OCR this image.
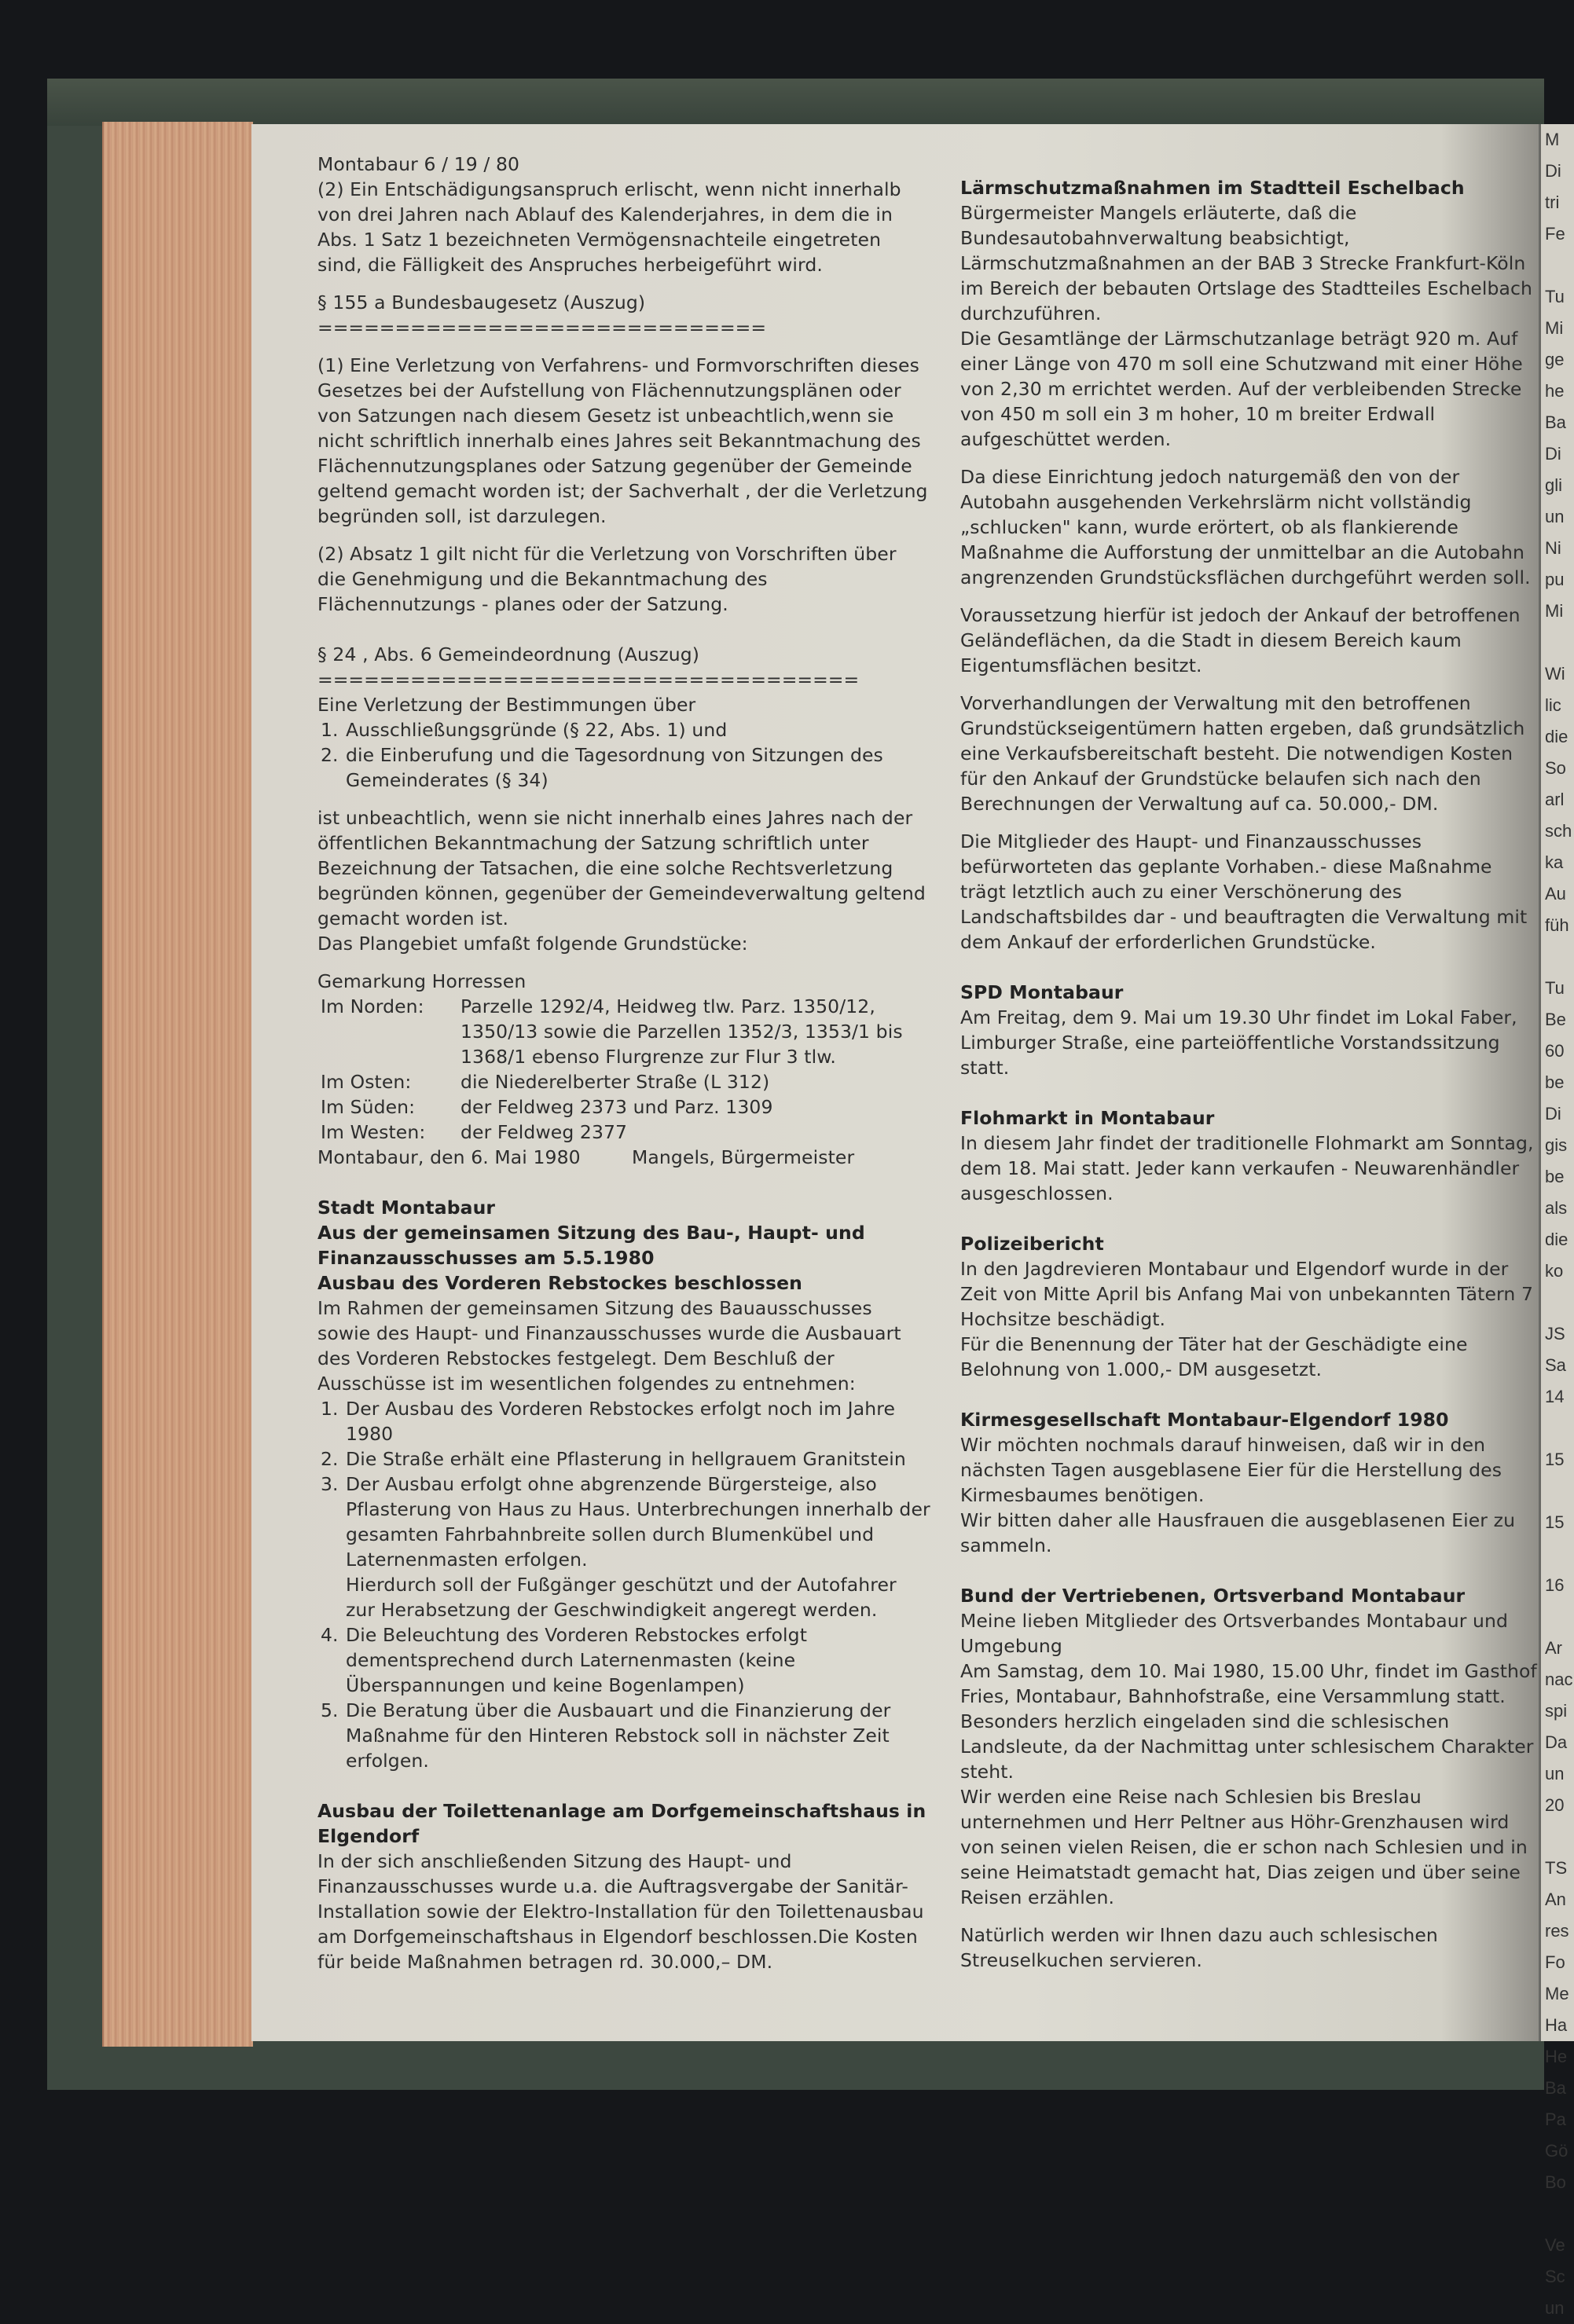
M
Di
tri
Fe

Tu
Mi
ge
he
Ba
Di
gli
un
Ni
pu
Mi

Wi
lic
die
So
arl
sch
ka
Au
füh

Tu
Be
60
be
Di
gis
be
als
die
ko

JS
Sa
14

15

15

16

Ar
nac
spi
Da
un
20

TS
An
res
Fo
Me
Ha
He
Ba
Pa
Gö
Bo

Ve
Sc
un

Montabaur 6 / 19 / 80

(2) Ein Entschädigungsanspruch erlischt, wenn nicht innerhalb von drei Jahren nach Ablauf des Kalenderjahres, in dem die in Abs. 1 Satz 1 bezeichneten Vermögensnachteile eingetreten sind, die Fälligkeit des Anspruches herbeigeführt wird.

§ 155 a Bundesbaugesetz (Auszug)

=============================

(1) Eine Verletzung von Verfahrens- und Formvorschriften dieses Gesetzes bei der Aufstellung von Flächennutzungsplänen oder von Satzungen nach diesem Gesetz ist unbeachtlich,wenn sie nicht schriftlich innerhalb eines Jahres seit Bekanntmachung des Flächennutzungsplanes oder Satzung gegenüber der Gemeinde geltend gemacht worden ist; der Sachverhalt , der die Verletzung begründen soll, ist darzulegen.

(2) Absatz 1 gilt nicht für die Verletzung von Vorschriften über die Genehmigung und die Bekanntmachung des Flächennutzungs - planes oder der Satzung.

§ 24 , Abs. 6 Gemeindeordnung (Auszug)

===================================

Eine Verletzung der Bestimmungen über

1. Ausschließungsgründe (§ 22, Abs. 1) und
2. die Einberufung und die Tagesordnung von Sitzungen des Gemeinderates (§ 34)

ist unbeachtlich, wenn sie nicht innerhalb eines Jahres nach der öffentlichen Bekanntmachung der Satzung schriftlich unter Bezeichnung der Tatsachen, die eine solche Rechtsverletzung begründen können, gegenüber der Gemeindeverwaltung geltend gemacht worden ist.

Das Plangebiet umfaßt folgende Grundstücke:

Gemarkung Horressen

Im Norden:	Parzelle 1292/4, Heidweg tlw. Parz. 1350/12, 1350/13 sowie die Parzellen 1352/3, 1353/1 bis 1368/1 ebenso Flurgrenze zur Flur 3 tlw.
Im Osten:	die Niederelberter Straße (L 312)
Im Süden:	der Feldweg 2373 und Parz. 1309
Im Westen:	der Feldweg 2377

Montabaur, den 6. Mai 1980	Mangels, Bürgermeister

Stadt Montabaur

Aus der gemeinsamen Sitzung des Bau-, Haupt- und Finanzausschusses am 5.5.1980

Ausbau des Vorderen Rebstockes beschlossen

Im Rahmen der gemeinsamen Sitzung des Bauausschusses sowie des Haupt- und Finanzausschusses wurde die Ausbauart des Vorderen Rebstockes festgelegt. Dem Beschluß der Ausschüsse ist im wesentlichen folgendes zu entnehmen:

1. Der Ausbau des Vorderen Rebstockes erfolgt noch im Jahre 1980
2. Die Straße erhält eine Pflasterung in hellgrauem Granitstein
3. Der Ausbau erfolgt ohne abgrenzende Bürgersteige, also Pflasterung von Haus zu Haus. Unterbrechungen innerhalb der gesamten Fahrbahnbreite sollen durch Blumenkübel und Laternenmasten erfolgen.
Hierdurch soll der Fußgänger geschützt und der Autofahrer zur Herabsetzung der Geschwindigkeit angeregt werden.
4. Die Beleuchtung des Vorderen Rebstockes erfolgt dementsprechend durch Laternenmasten (keine Überspannungen und keine Bogenlampen)
5. Die Beratung über die Ausbauart und die Finanzierung der Maßnahme für den Hinteren Rebstock soll in nächster Zeit erfolgen.

Ausbau der Toilettenanlage am Dorfgemeinschaftshaus in Elgendorf

In der sich anschließenden Sitzung des Haupt- und Finanzausschusses wurde u.a. die Auftragsvergabe der Sanitär-Installation sowie der Elektro-Installation für den Toilettenausbau am Dorfgemeinschaftshaus in Elgendorf beschlossen.Die Kosten für beide Maßnahmen betragen rd. 30.000,– DM.

Lärmschutzmaßnahmen im Stadtteil Eschelbach

Bürgermeister Mangels erläuterte, daß die Bundesautobahnverwaltung beabsichtigt, Lärmschutzmaßnahmen an der BAB 3 Strecke Frankfurt-Köln im Bereich der bebauten Ortslage des Stadtteiles Eschelbach durchzuführen.

Die Gesamtlänge der Lärmschutzanlage beträgt 920 m. Auf einer Länge von 470 m soll eine Schutzwand mit einer Höhe von 2,30 m errichtet werden. Auf der verbleibenden Strecke von 450 m soll ein 3 m hoher, 10 m breiter Erdwall aufgeschüttet werden.

Da diese Einrichtung jedoch naturgemäß den von der Autobahn ausgehenden Verkehrslärm nicht vollständig „schlucken" kann, wurde erörtert, ob als flankierende Maßnahme die Aufforstung der unmittelbar an die Autobahn angrenzenden Grundstücksflächen durchgeführt werden soll.

Voraussetzung hierfür ist jedoch der Ankauf der betroffenen Geländeflächen, da die Stadt in diesem Bereich kaum Eigentumsflächen besitzt.

Vorverhandlungen der Verwaltung mit den betroffenen Grundstückseigentümern hatten ergeben, daß grundsätzlich eine Verkaufsbereitschaft besteht. Die notwendigen Kosten für den Ankauf der Grundstücke belaufen sich nach den Berechnungen der Verwaltung auf ca. 50.000,- DM.

Die Mitglieder des Haupt- und Finanzausschusses befürworteten das geplante Vorhaben.- diese Maßnahme trägt letztlich auch zu einer Verschönerung des Landschaftsbildes dar - und beauftragten die Verwaltung mit dem Ankauf der erforderlichen Grundstücke.

SPD Montabaur

Am Freitag, dem 9. Mai um 19.30 Uhr findet im Lokal Faber, Limburger Straße, eine parteiöffentliche Vorstandssitzung statt.

Flohmarkt in Montabaur

In diesem Jahr findet der traditionelle Flohmarkt am Sonntag, dem 18. Mai statt. Jeder kann verkaufen - Neuwarenhändler ausgeschlossen.

Polizeibericht

In den Jagdrevieren Montabaur und Elgendorf wurde in der Zeit von Mitte April bis Anfang Mai von unbekannten Tätern 7 Hochsitze beschädigt.

Für die Benennung der Täter hat der Geschädigte eine Belohnung von 1.000,- DM ausgesetzt.

Kirmesgesellschaft Montabaur-Elgendorf 1980

Wir möchten nochmals darauf hinweisen, daß wir in den nächsten Tagen ausgeblasene Eier für die Herstellung des Kirmesbaumes benötigen.

Wir bitten daher alle Hausfrauen die ausgeblasenen Eier zu sammeln.

Bund der Vertriebenen, Ortsverband Montabaur

Meine lieben Mitglieder des Ortsverbandes Montabaur und Umgebung

Am Samstag, dem 10. Mai 1980, 15.00 Uhr, findet im Gasthof Fries, Montabaur, Bahnhofstraße, eine Versammlung statt. Besonders herzlich eingeladen sind die schlesischen Landsleute, da der Nachmittag unter schlesischem Charakter steht.

Wir werden eine Reise nach Schlesien bis Breslau unternehmen und Herr Peltner aus Höhr-Grenzhausen wird von seinen vielen Reisen, die er schon nach Schlesien und in seine Heimatstadt gemacht hat, Dias zeigen und über seine Reisen erzählen.

Natürlich werden wir Ihnen dazu auch schlesischen Streuselkuchen servieren.
